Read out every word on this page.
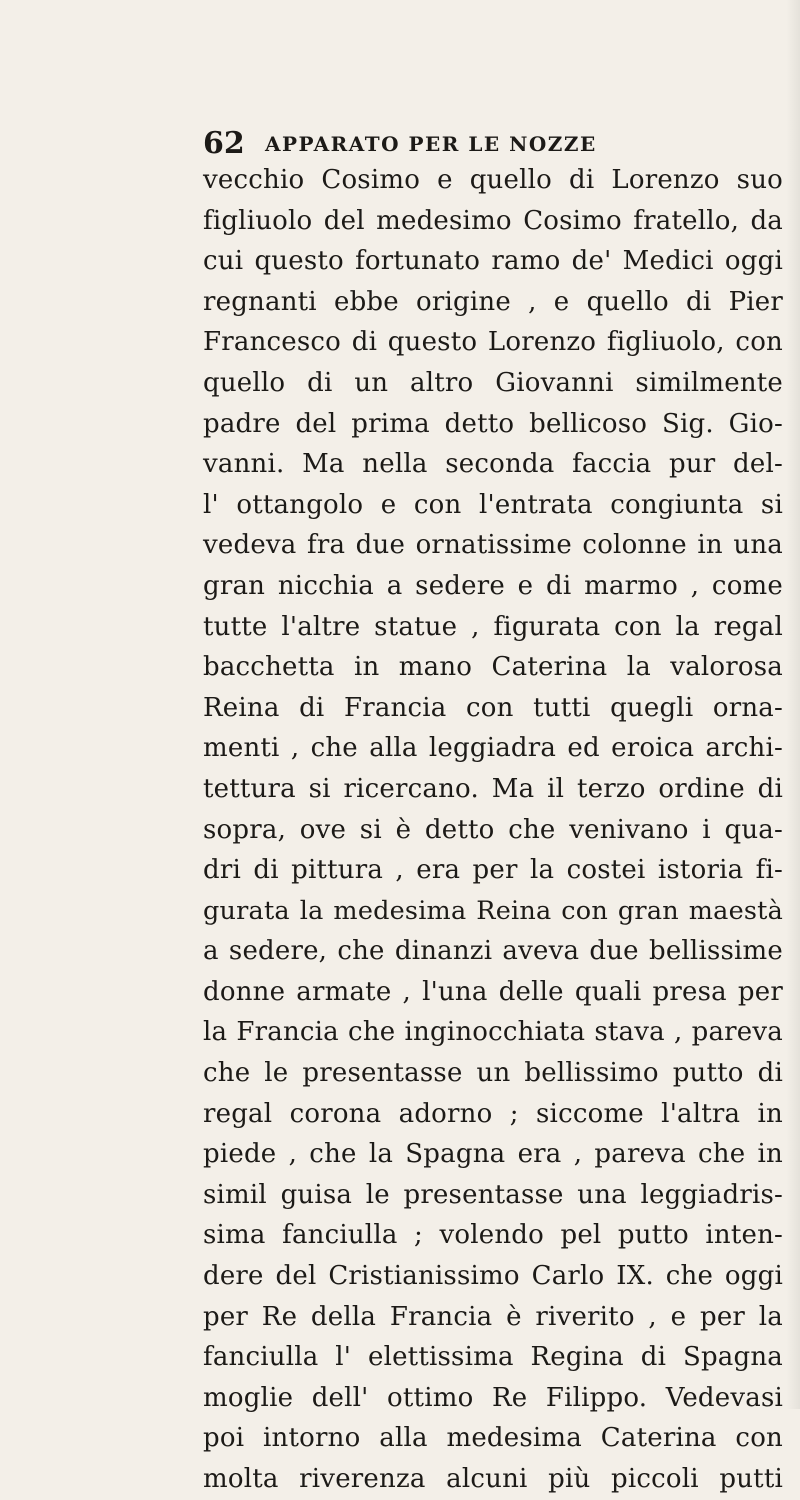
62 APPARATO PER LE NOZZE
vecchio Cosimo e quello di Lorenzo suo
figliuolo del medesimo Cosimo fratello, da
cui questo fortunato ramo de' Medici oggi
regnanti ebbe origine , e quello di Pier
Francesco di questo Lorenzo figliuolo, con
quello di un altro Giovanni similmente
padre del prima detto bellicoso Sig. Gio-
vanni. Ma nella seconda faccia pur del-
l' ottangolo e con l'entrata congiunta si
vedeva fra due ornatissime colonne in una
gran nicchia a sedere e di marmo , come
tutte l'altre statue , figurata con la regal
bacchetta in mano Caterina la valorosa
Reina di Francia con tutti quegli orna-
menti , che alla leggiadra ed eroica archi-
tettura si ricercano. Ma il terzo ordine di
sopra, ove si è detto che venivano i qua-
dri di pittura , era per la costei istoria fi-
gurata la medesima Reina con gran maestà
a sedere, che dinanzi aveva due bellissime
donne armate , l'una delle quali presa per
la Francia che inginocchiata stava , pareva
che le presentasse un bellissimo putto di
regal corona adorno ; siccome l'altra in
piede , che la Spagna era , pareva che in
simil guisa le presentasse una leggiadris-
sima fanciulla ; volendo pel putto inten-
dere del Cristianissimo Carlo IX. che oggi
per Re della Francia è riverito , e per la
fanciulla l' elettissima Regina di Spagna
moglie dell' ottimo Re Filippo. Vedevasi
poi intorno alla medesima Caterina con
molta riverenza alcuni più piccoli putti
